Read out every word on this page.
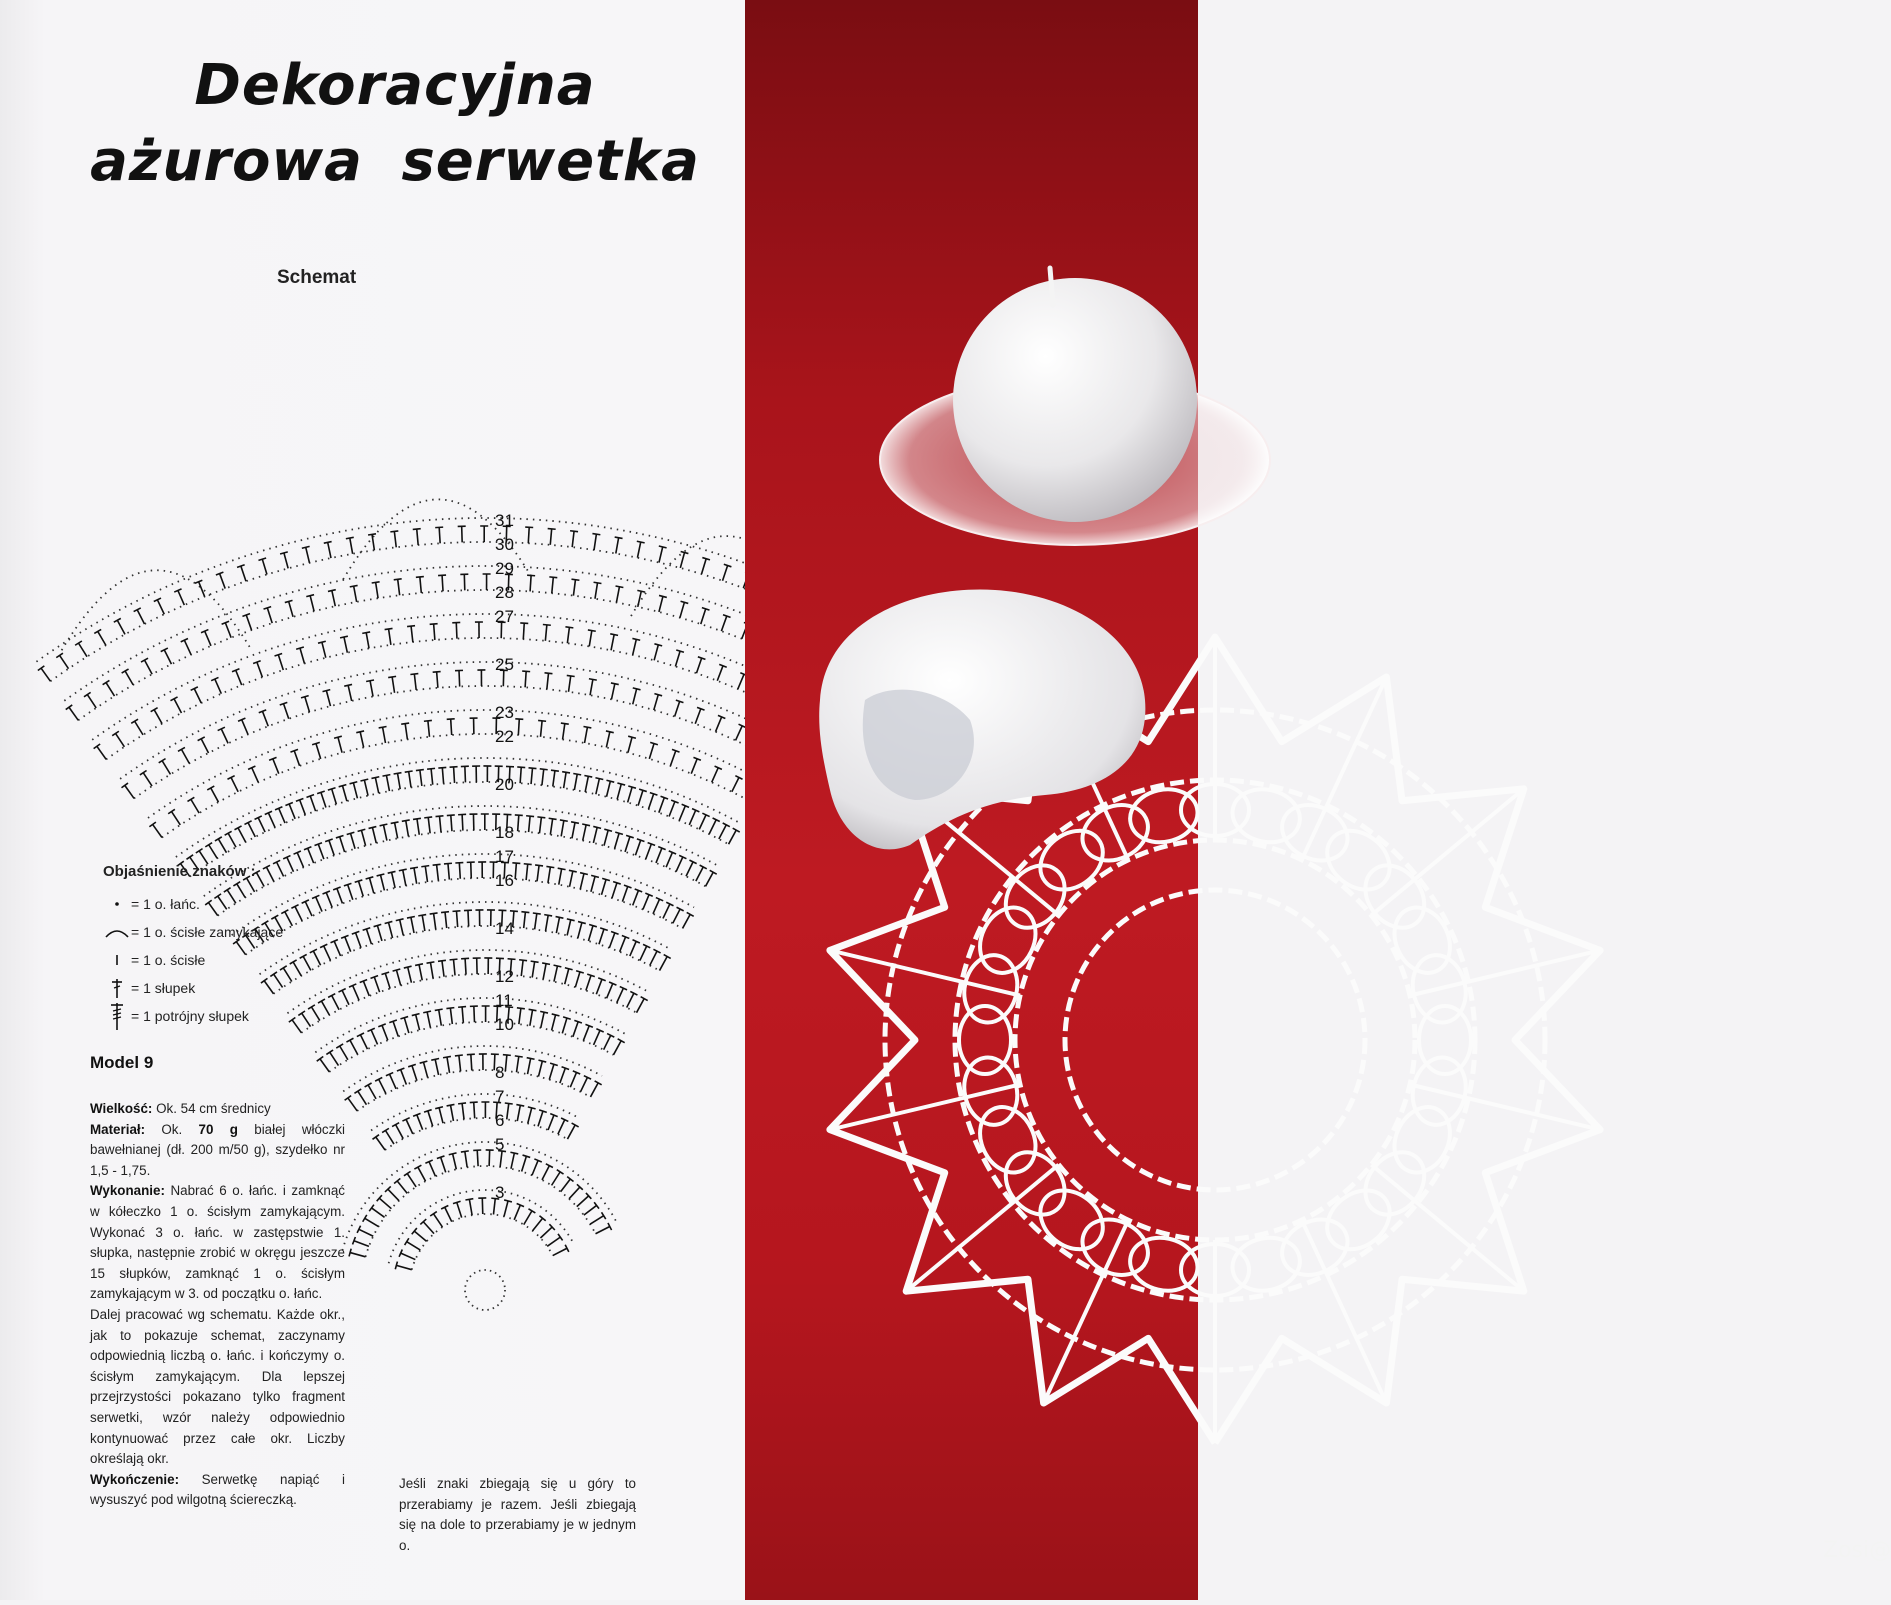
Dekoracyjna
ażurowa serwetka
Schemat
31
30
29
28
27
25
23
22
20
18
17
16
14
12
11
10
8
7
6
5
3
Objaśnienie znaków :
= 1 o. łańc.
= 1 o. ścisłe zamykające
= 1 o. ścisłe
= 1 słupek
= 1 potrójny słupek
Model 9

Wielkość: Ok. 54 cm średnicy

Materiał: Ok. 70 g białej włóczki bawełnianej (dł. 200 m/50 g), szydełko nr 1,5 - 1,75.

Wykonanie: Nabrać 6 o. łańc. i zamknąć w kółeczko 1 o. ścisłym zamykającym. Wykonać 3 o. łańc. w zastępstwie 1. słupka, następnie zrobić w okręgu jeszcze 15 słupków, zamknąć 1 o. ścisłym zamykającym w 3. od początku o. łańc.

Dalej pracować wg schematu. Każde okr., jak to pokazuje schemat, zaczynamy odpowiednią liczbą o. łańc. i kończymy o. ścisłym zamykającym. Dla lepszej przejrzystości pokazano tylko fragment serwetki, wzór należy odpowiednio kontynuować przez całe okr. Liczby określają okr.

Wykończenie: Serwetkę napiąć i wysuszyć pod wilgotną ściereczką.

Jeśli znaki zbiegają się u góry to przerabiamy je razem. Jeśli zbiegają się na dole to przerabiamy je w jednym o.	Zosi@
